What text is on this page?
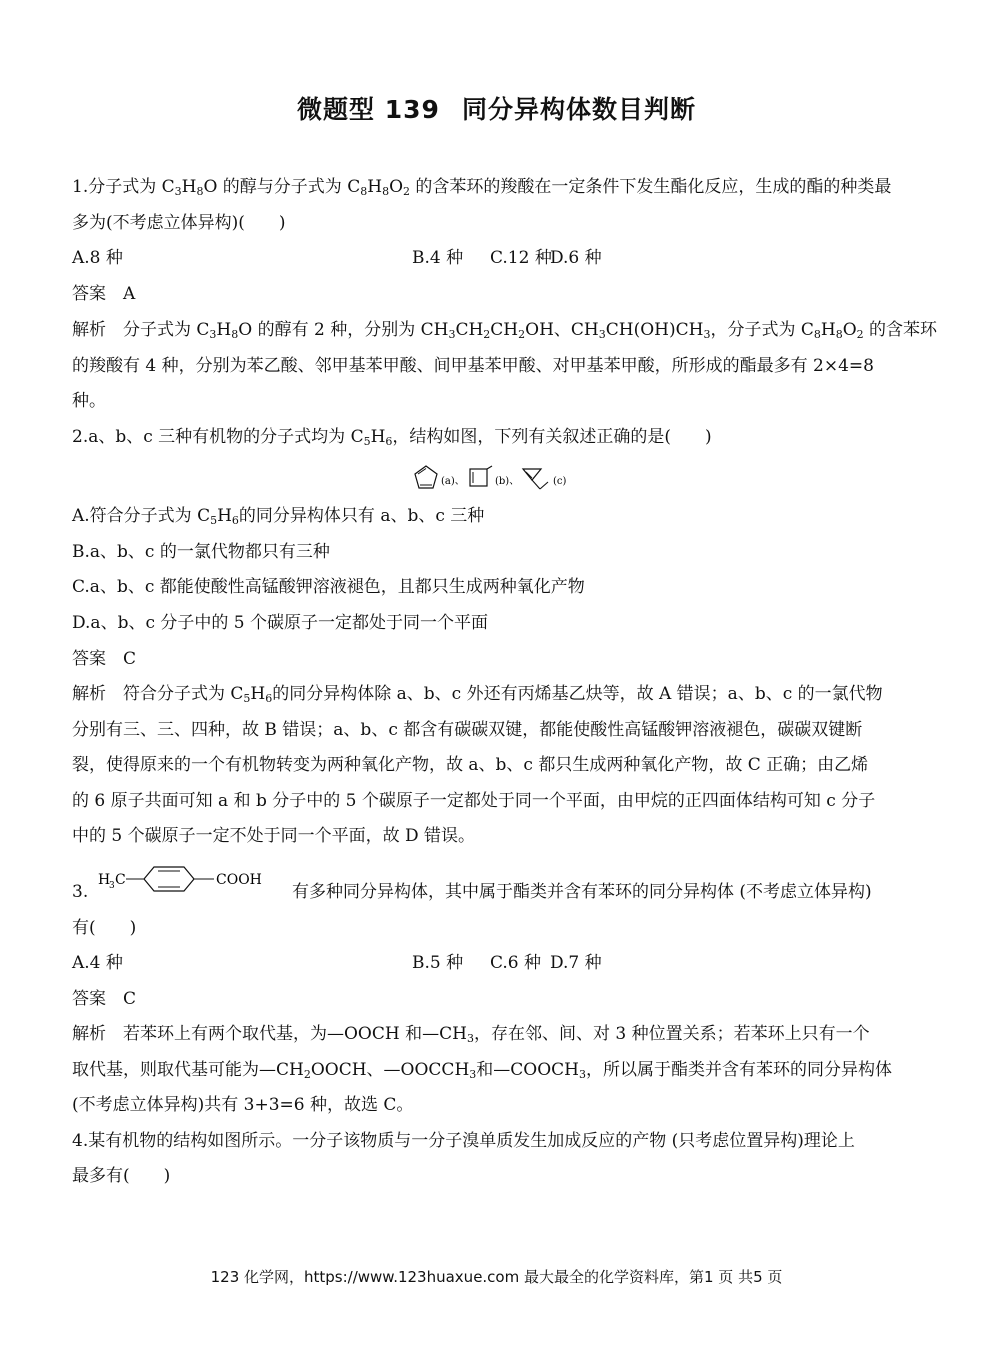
微题型 139 同分异构体数目判断
1.分子式为 $C_3H_8O$ 的醇与分子式为 $C_8H_8O_2$ 的含苯环的羧酸在一定条件下发生酯化反应，生成的酯的种类最
多为(不考虑立体异构)(　　)
A.8 种	B.4 种 C.12 种
D.6 种
答案　A
解析　分子式为 $C_3H_8O$ 的醇有 2 种，分别为 $CH_3CH_2CH_2OH$、$CH_3CH(OH)CH_3$，分子式为 $C_8H_8O_2$ 的含苯环
的羧酸有 4 种，分别为苯乙酸、邻甲基苯甲酸、间甲基苯甲酸、对甲基苯甲酸，所形成的酯最多有 2×4=8
种。
2.a、b、c 三种有机物的分子式均为 $C_5H_6$，结构如图，下列有关叙述正确的是(　　)
(a)、	(b)、	(c)
A.符合分子式为 $C_5H_6$的同分异构体只有 a、b、c 三种
B.a、b、c 的一氯代物都只有三种
C.a、b、c 都能使酸性高锰酸钾溶液褪色，且都只生成两种氧化产物
D.a、b、c 分子中的 5 个碳原子一定都处于同一个平面
答案　C
解析　符合分子式为 $C_5H_6$的同分异构体除 a、b、c 外还有丙烯基乙炔等，故 A 错误；a、b、c 的一氯代物
分别有三、三、四种，故 B 错误；a、b、c 都含有碳碳双键，都能使酸性高锰酸钾溶液褪色，碳碳双键断
裂，使得原来的一个有机物转变为两种氧化产物，故 a、b、c 都只生成两种氧化产物，故 C 正确；由乙烯
的 6 原子共面可知 a 和 b 分子中的 5 个碳原子一定都处于同一个平面，由甲烷的正四面体结构可知 c 分子
中的 5 个碳原子一定不处于同一个平面，故 D 错误。
3.
H
3 C	COOH
有多种同分异构体，其中属于酯类并含有苯环的同分异构体 (不考虑立体异构)
有(　　)
A.4 种	B.5 种 C.6 种 D.7 种
答案　C
解析　若苯环上有两个取代基，为—OOCH 和$—CH_3$，存在邻、间、对 3 种位置关系；若苯环上只有一个
取代基，则取代基可能为$—CH_2OOCH$、$—OOCCH_3$和$—COOCH_3$，所以属于酯类并含有苯环的同分异构体
(不考虑立体异构)共有 3+3=6 种，故选 C。
4.某有机物的结构如图所示。一分子该物质与一分子溴单质发生加成反应的产物 (只考虑位置异构)理论上
最多有(　　)
123 化学网，https://www.123huaxue.com 最大最全的化学资料库，第1 页 共5 页
